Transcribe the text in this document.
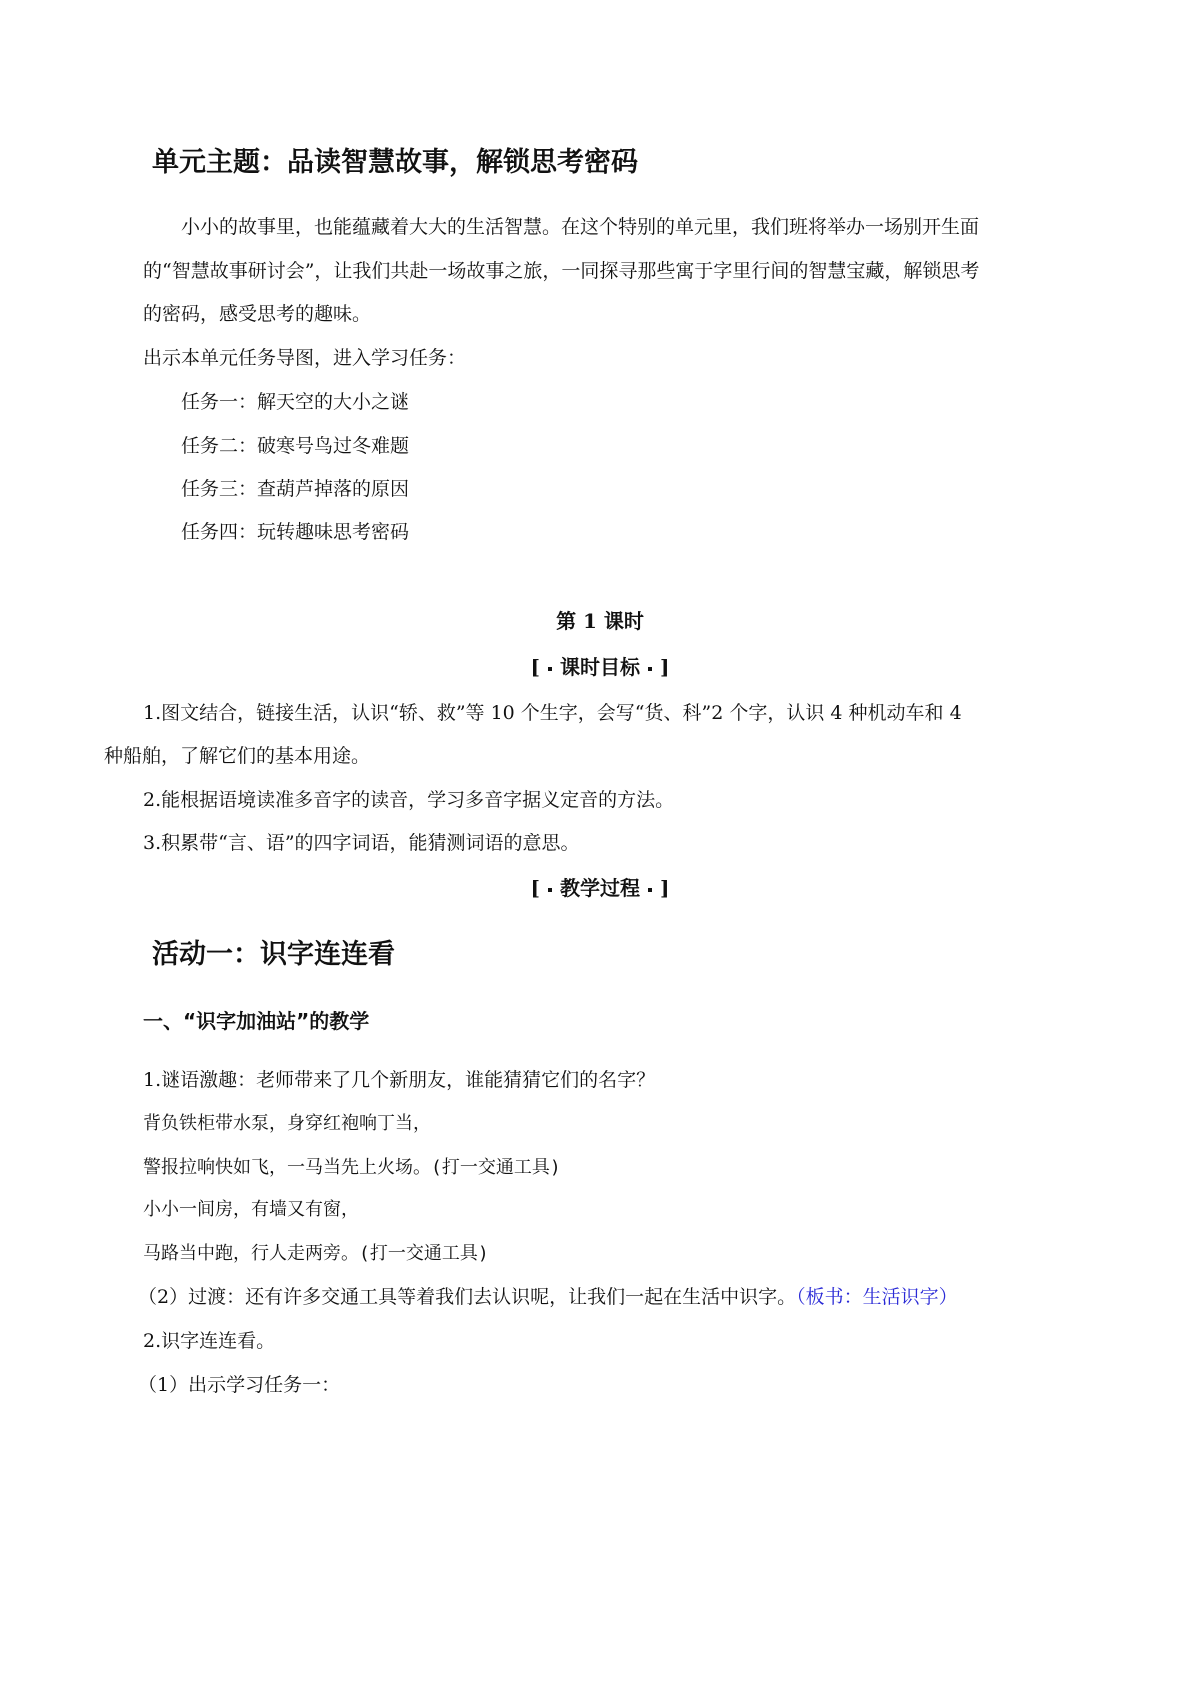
单元主题：品读智慧故事，解锁思考密码
小小的故事里，也能蕴藏着大大的生活智慧。在这个特别的单元里，我们班将举办一场别开生面
的“智慧故事研讨会”，让我们共赴一场故事之旅，一同探寻那些寓于字里行间的智慧宝藏，解锁思考
的密码，感受思考的趣味。
出示本单元任务导图，进入学习任务：
任务一：解天空的大小之谜
任务二：破寒号鸟过冬难题
任务三：查葫芦掉落的原因
任务四：玩转趣味思考密码
第 1 课时
[ 课时目标 ]
1.图文结合，链接生活，认识“轿、救”等 10 个生字，会写“货、科”2 个字，认识 4 种机动车和 4
种船舶，了解它们的基本用途。
2.能根据语境读准多音字的读音，学习多音字据义定音的方法。
3.积累带“言、语”的四字词语，能猜测词语的意思。
[ 教学过程 ]
活动一：识字连连看
一、“识字加油站”的教学
1.谜语激趣：老师带来了几个新朋友，谁能猜猜它们的名字？
背负铁柜带水泵，身穿红袍响丁当，
警报拉响快如飞，一马当先上火场。(打一交通工具)
小小一间房，有墙又有窗，
马路当中跑，行人走两旁。(打一交通工具)
（2）过渡：还有许多交通工具等着我们去认识呢，让我们一起在生活中识字。（板书：生活识字）
2.识字连连看。
（1）出示学习任务一：
